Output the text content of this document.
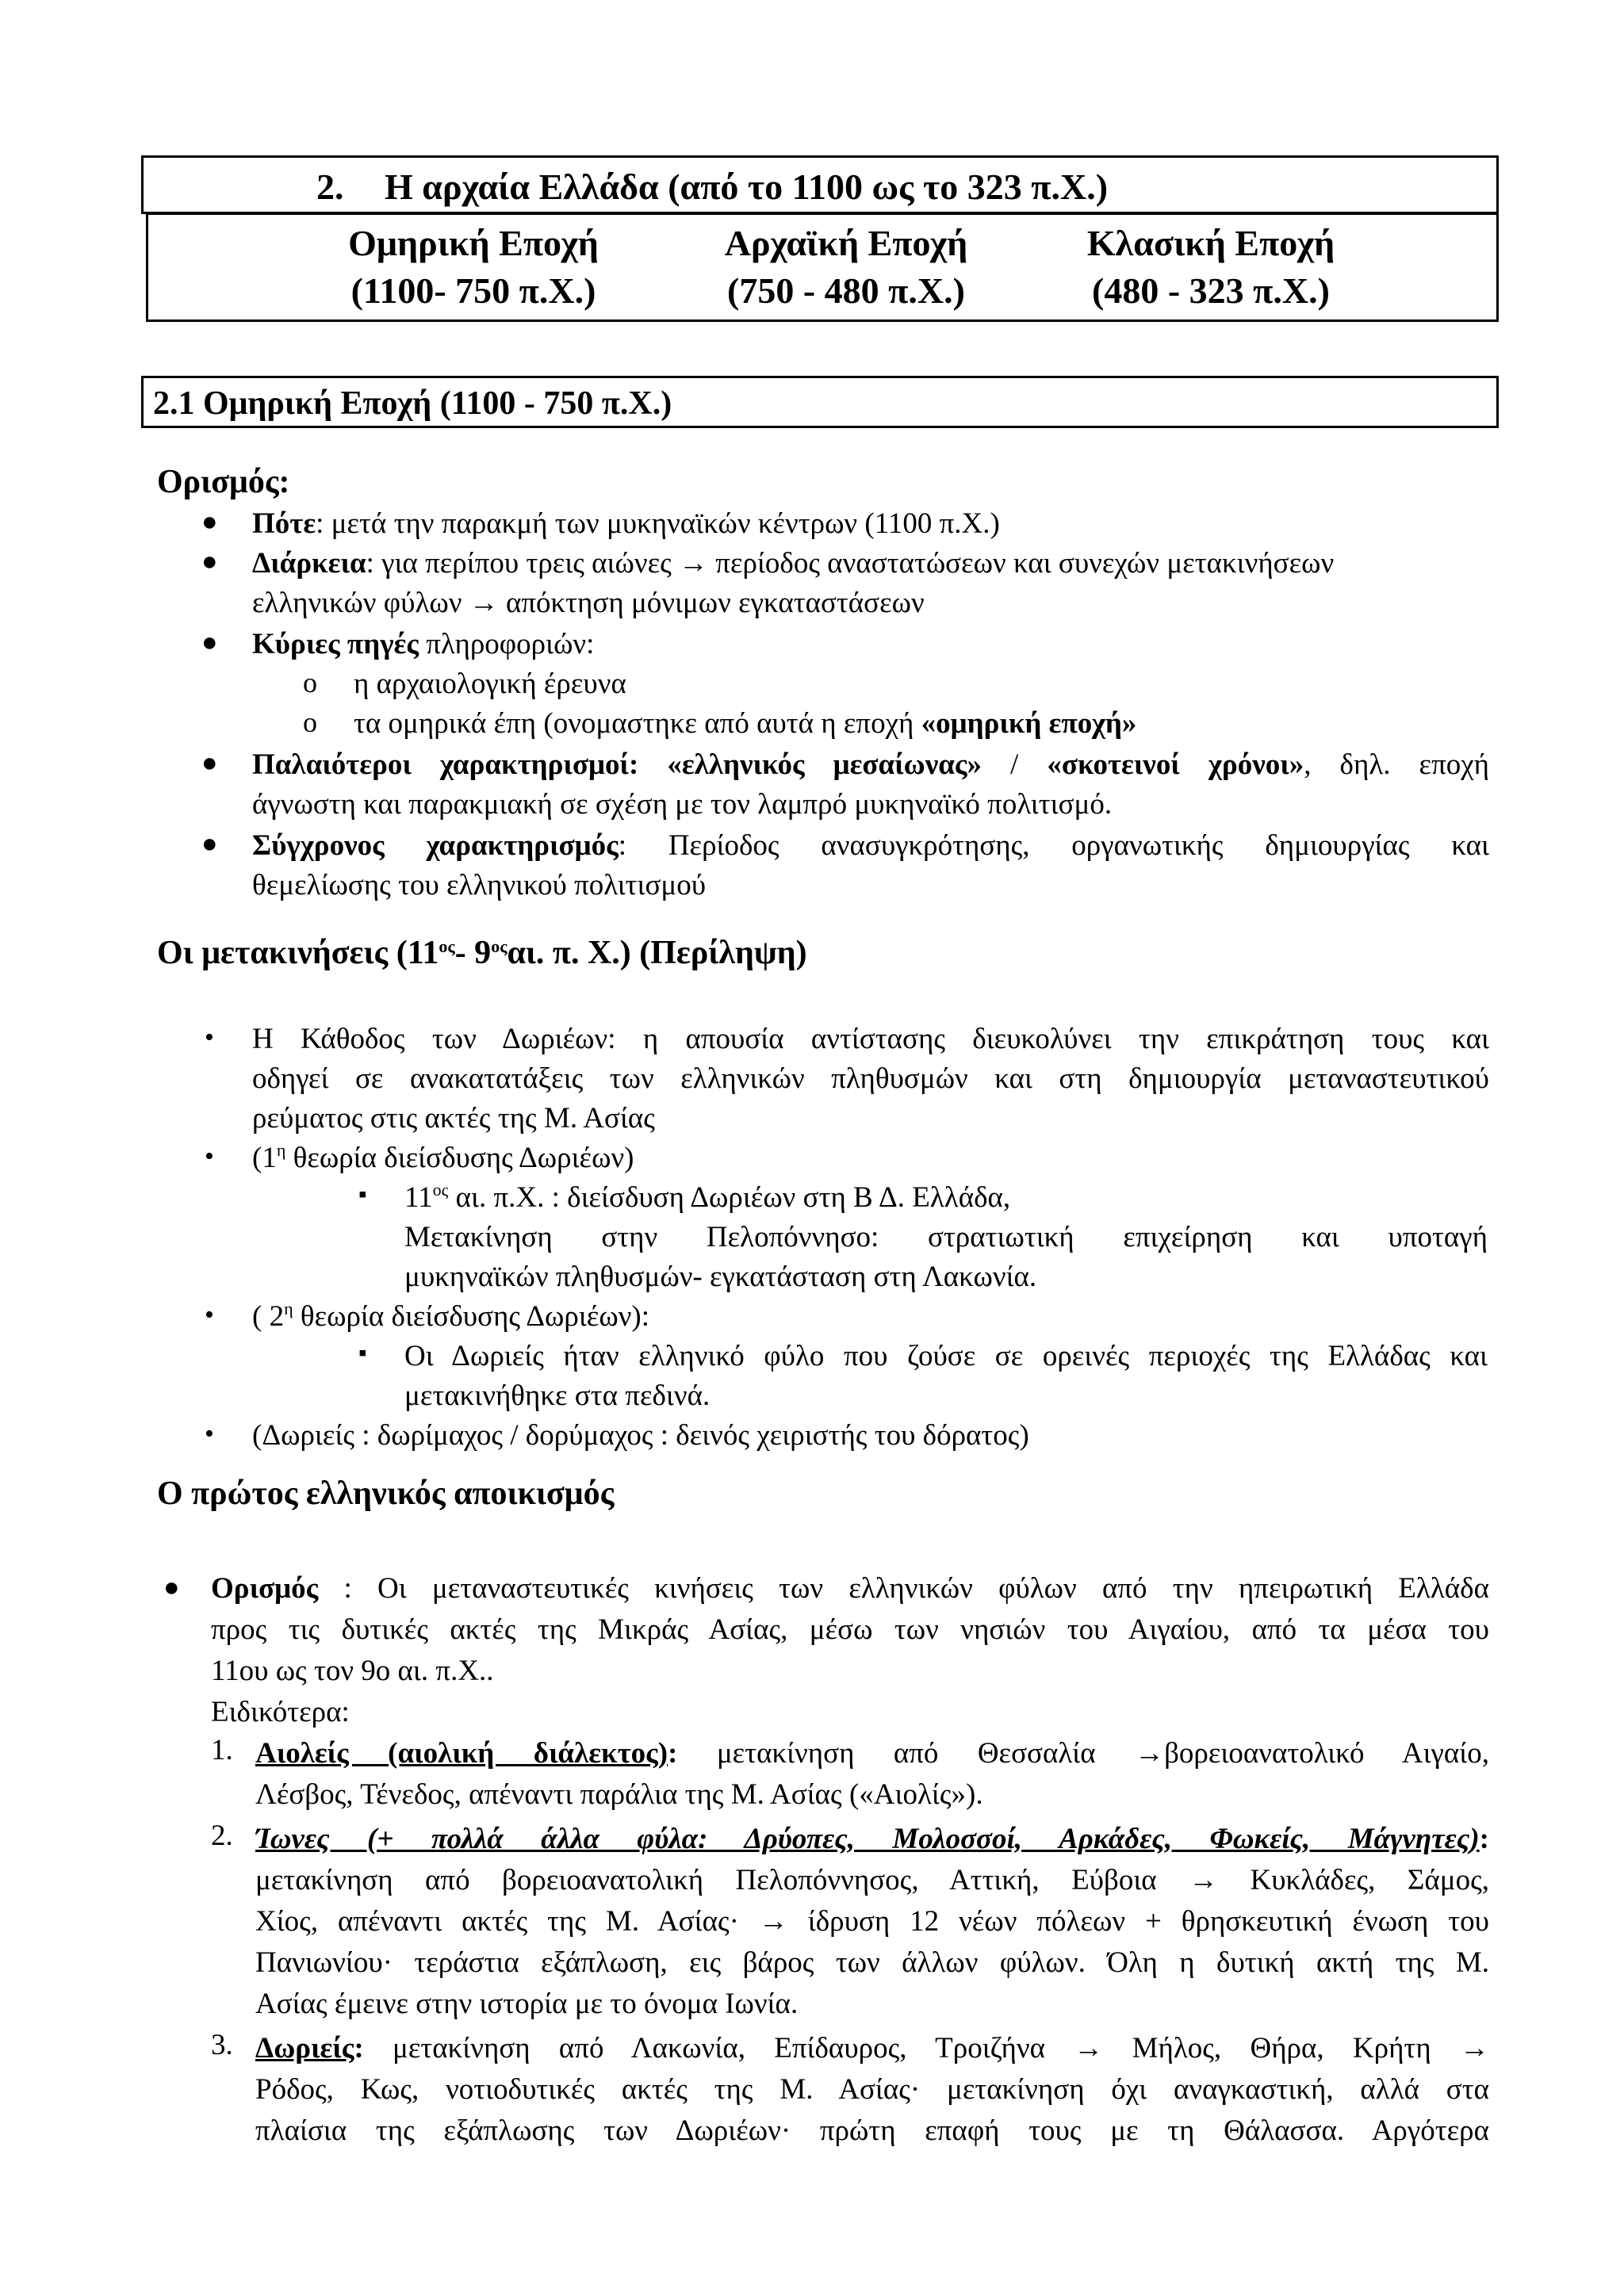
2. Η αρχαία Ελλάδα (από το 1100 ως το 323 π.Χ.)
Ομηρική Εποχή
(1100- 750 π.Χ.)
Αρχαϊκή Εποχή
(750 - 480 π.Χ.)
Κλασική Εποχή
(480 - 323 π.Χ.)
2.1 Ομηρική Εποχή (1100 - 750 π.Χ.)
Ορισμός:
● Πότε: μετά την παρακμή των μυκηναϊκών κέντρων (1100 π.Χ.)
● Διάρκεια: για περίπου τρεις αιώνες → περίοδος αναστατώσεων και συνεχών μετακινήσεων
ελληνικών φύλων → απόκτηση μόνιμων εγκαταστάσεων
● Κύριες πηγές πληροφοριών:
o η αρχαιολογική έρευνα
o τα ομηρικά έπη (ονομαστηκε από αυτά η εποχή «ομηρική εποχή»
● Παλαιότεροι χαρακτηρισμοί: «ελληνικός μεσαίωνας» / «σκοτεινοί χρόνοι», δηλ. εποχή
άγνωστη και παρακμιακή σε σχέση με τον λαμπρό μυκηναϊκό πολιτισμό.
● Σύγχρονος χαρακτηρισμός: Περίοδος ανασυγκρότησης, οργανωτικής δημιουργίας και
θεμελίωσης του ελληνικού πολιτισμού
Οι μετακινήσεις ($11^{o\varsigma}-$ $9^{o\varsigma}\alpha\iota$. π. Χ.) (Περίληψη)
• Η Κάθοδος των Δωριέων: η απουσία αντίστασης διευκολύνει την επικράτηση τους και
οδηγεί σε ανακατατάξεις των ελληνικών πληθυσμών και στη δημιουργία μεταναστευτικού
ρεύματος στις ακτές της Μ. Ασίας
• ($1^\eta$ θεωρία διείσδυσης Δωριέων)
▪ $11^{o\varsigma}$ αι. π.Χ. : διείσδυση Δωριέων στη Β Δ. Ελλάδα,
Μετακίνηση στην Πελοπόννησο: στρατιωτική επιχείρηση και υποταγή
μυκηναϊκών πληθυσμών- εγκατάσταση στη Λακωνία.
• ( $2^\eta$ θεωρία διείσδυσης Δωριέων):
▪ Οι Δωριείς ήταν ελληνικό φύλο που ζούσε σε ορεινές περιοχές της Ελλάδας και
μετακινήθηκε στα πεδινά.
• (Δωριείς : δωρίμαχος / δορύμαχος : δεινός χειριστής του δόρατος)
Ο πρώτος ελληνικός αποικισμός
● Ορισμός : Οι μεταναστευτικές κινήσεις των ελληνικών φύλων από την ηπειρωτική Ελλάδα
προς τις δυτικές ακτές της Μικράς Ασίας, μέσω των νησιών του Αιγαίου, από τα μέσα του
11ου ως τον 9ο αι. π.Χ..
Ειδικότερα:
1. Αιολείς (αιολική διάλεκτος): μετακίνηση από Θεσσαλία →βορειοανατολικό Αιγαίο,
Λέσβος, Τένεδος, απέναντι παράλια της Μ. Ασίας («Αιολίς»).
2. Ίωνες (+ πολλά άλλα φύλα: Δρύοπες, Μολοσσοί, Αρκάδες, Φωκείς, Μάγνητες):
μετακίνηση από βορειοανατολική Πελοπόννησος, Αττική, Εύβοια → Κυκλάδες, Σάμος,
Χίος, απέναντι ακτές της Μ. Ασίας· → ίδρυση 12 νέων πόλεων + θρησκευτική ένωση του
Πανιωνίου· τεράστια εξάπλωση, εις βάρος των άλλων φύλων. Όλη η δυτική ακτή της Μ.
Ασίας έμεινε στην ιστορία με το όνομα Ιωνία.
3. Δωριείς: μετακίνηση από Λακωνία, Επίδαυρος, Τροιζήνα → Μήλος, Θήρα, Κρήτη →
Ρόδος, Κως, νοτιοδυτικές ακτές της Μ. Ασίας· μετακίνηση όχι αναγκαστική, αλλά στα
πλαίσια της εξάπλωσης των Δωριέων· πρώτη επαφή τους με τη Θάλασσα. Αργότερα
